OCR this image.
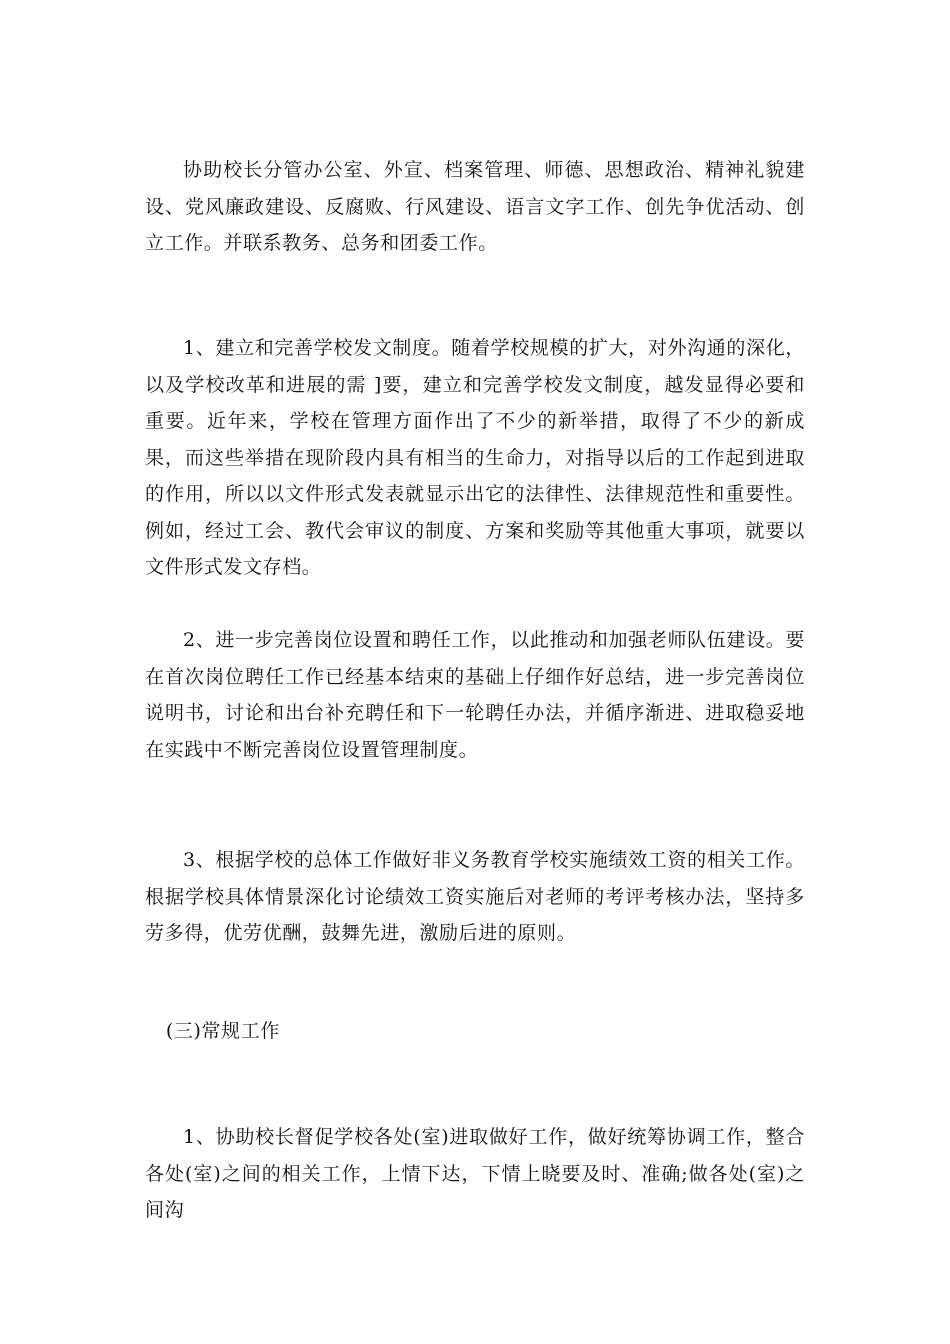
协助校长分管办公室、外宣、档案管理、师德、思想政治、精神礼貌建设、党风廉政建设、反腐败、行风建设、语言文字工作、创先争优活动、创立工作。并联系教务、总务和团委工作。

1、建立和完善学校发文制度。随着学校规模的扩大，对外沟通的深化，以及学校改革和进展的需 ]要，建立和完善学校发文制度，越发显得必要和重要。近年来，学校在管理方面作出了不少的新举措，取得了不少的新成果，而这些举措在现阶段内具有相当的生命力，对指导以后的工作起到进取的作用，所以以文件形式发表就显示出它的法律性、法律规范性和重要性。例如，经过工会、教代会审议的制度、方案和奖励等其他重大事项，就要以文件形式发文存档。

2、进一步完善岗位设置和聘任工作，以此推动和加强老师队伍建设。要在首次岗位聘任工作已经基本结束的基础上仔细作好总结，进一步完善岗位说明书，讨论和出台补充聘任和下一轮聘任办法，并循序渐进、进取稳妥地在实践中不断完善岗位设置管理制度。

3、根据学校的总体工作做好非义务教育学校实施绩效工资的相关工作。根据学校具体情景深化讨论绩效工资实施后对老师的考评考核办法，坚持多劳多得，优劳优酬，鼓舞先进，激励后进的原则。

(三)常规工作

1、协助校长督促学校各处(室)进取做好工作，做好统筹协调工作，整合各处(室)之间的相关工作，上情下达，下情上晓要及时、准确;做各处(室)之间沟
